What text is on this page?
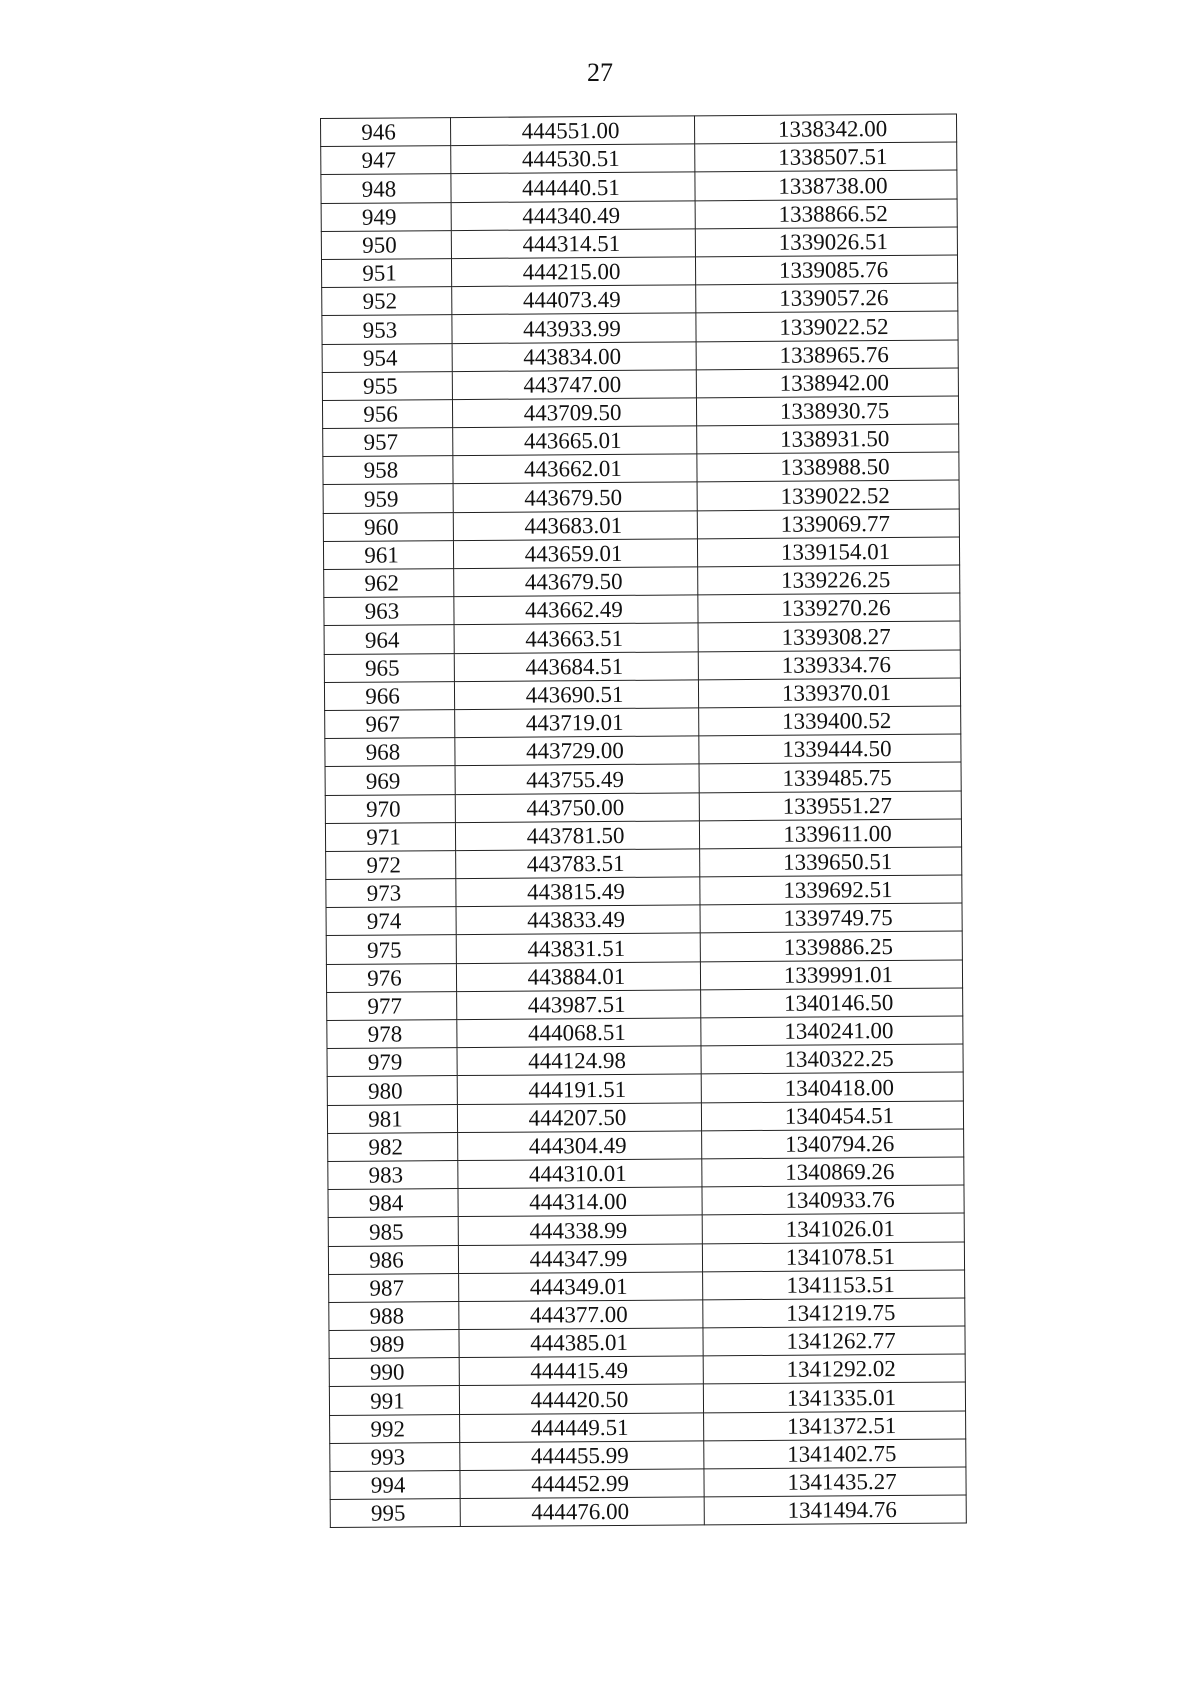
27
946	444551.00	1338342.00
947	444530.51	1338507.51
948	444440.51	1338738.00
949	444340.49	1338866.52
950	444314.51	1339026.51
951	444215.00	1339085.76
952	444073.49	1339057.26
953	443933.99	1339022.52
954	443834.00	1338965.76
955	443747.00	1338942.00
956	443709.50	1338930.75
957	443665.01	1338931.50
958	443662.01	1338988.50
959	443679.50	1339022.52
960	443683.01	1339069.77
961	443659.01	1339154.01
962	443679.50	1339226.25
963	443662.49	1339270.26
964	443663.51	1339308.27
965	443684.51	1339334.76
966	443690.51	1339370.01
967	443719.01	1339400.52
968	443729.00	1339444.50
969	443755.49	1339485.75
970	443750.00	1339551.27
971	443781.50	1339611.00
972	443783.51	1339650.51
973	443815.49	1339692.51
974	443833.49	1339749.75
975	443831.51	1339886.25
976	443884.01	1339991.01
977	443987.51	1340146.50
978	444068.51	1340241.00
979	444124.98	1340322.25
980	444191.51	1340418.00
981	444207.50	1340454.51
982	444304.49	1340794.26
983	444310.01	1340869.26
984	444314.00	1340933.76
985	444338.99	1341026.01
986	444347.99	1341078.51
987	444349.01	1341153.51
988	444377.00	1341219.75
989	444385.01	1341262.77
990	444415.49	1341292.02
991	444420.50	1341335.01
992	444449.51	1341372.51
993	444455.99	1341402.75
994	444452.99	1341435.27
995	444476.00	1341494.76
